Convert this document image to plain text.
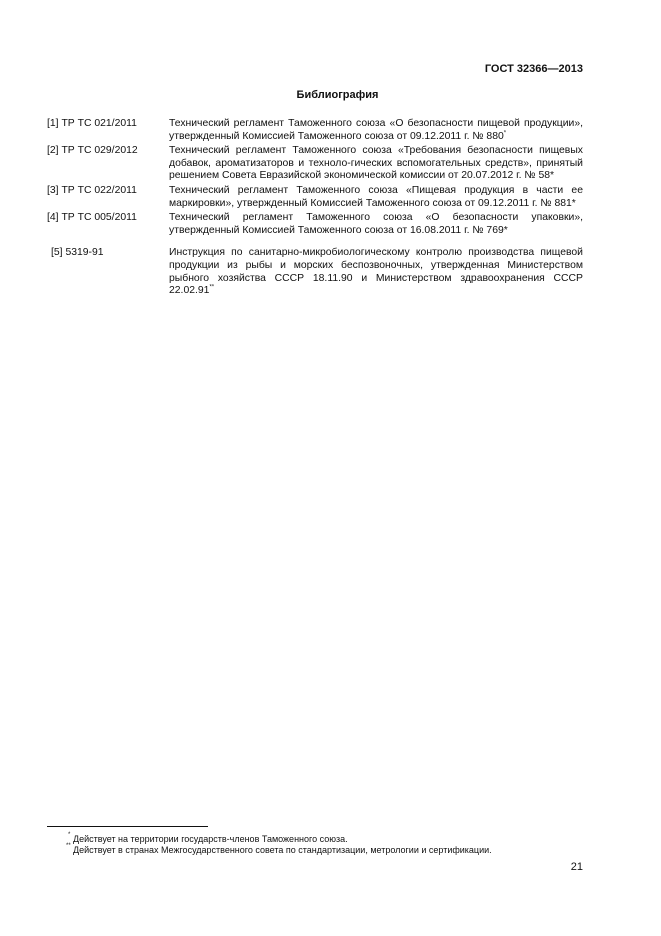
ГОСТ 32366—2013
Библиография
[1] ТР ТС 021/2011	Технический регламент Таможенного союза «О безопасности пищевой продукции», утвержденный Комиссией Таможенного союза от 09.12.2011 г. № 880*
[2] ТР ТС 029/2012	Технический регламент Таможенного союза «Требования безопасности пищевых добавок, ароматизаторов и техноло-гических вспомогательных средств», принятый решением Совета Евразийской экономической комиссии от 20.07.2012 г. № 58*
[3] ТР ТС 022/2011	Технический регламент Таможенного союза «Пищевая продукция в части ее маркировки», утвержденный Комиссией Таможенного союза от 09.12.2011 г. № 881*
[4] ТР ТС 005/2011	Технический регламент Таможенного союза «О безопасности упаковки», утвержденный Комиссией Таможенного союза от 16.08.2011 г. № 769*
[5] 5319-91	Инструкция по санитарно-микробиологическому контролю производства пищевой продукции из рыбы и морских беспозвоночных, утвержденная Министерством рыбного хозяйства СССР 18.11.90 и Министерством здравоохранения СССР 22.02.91**
* Действует на территории государств-членов Таможенного союза.
** Действует в странах Межгосударственного совета по стандартизации, метрологии и сертификации.
21
